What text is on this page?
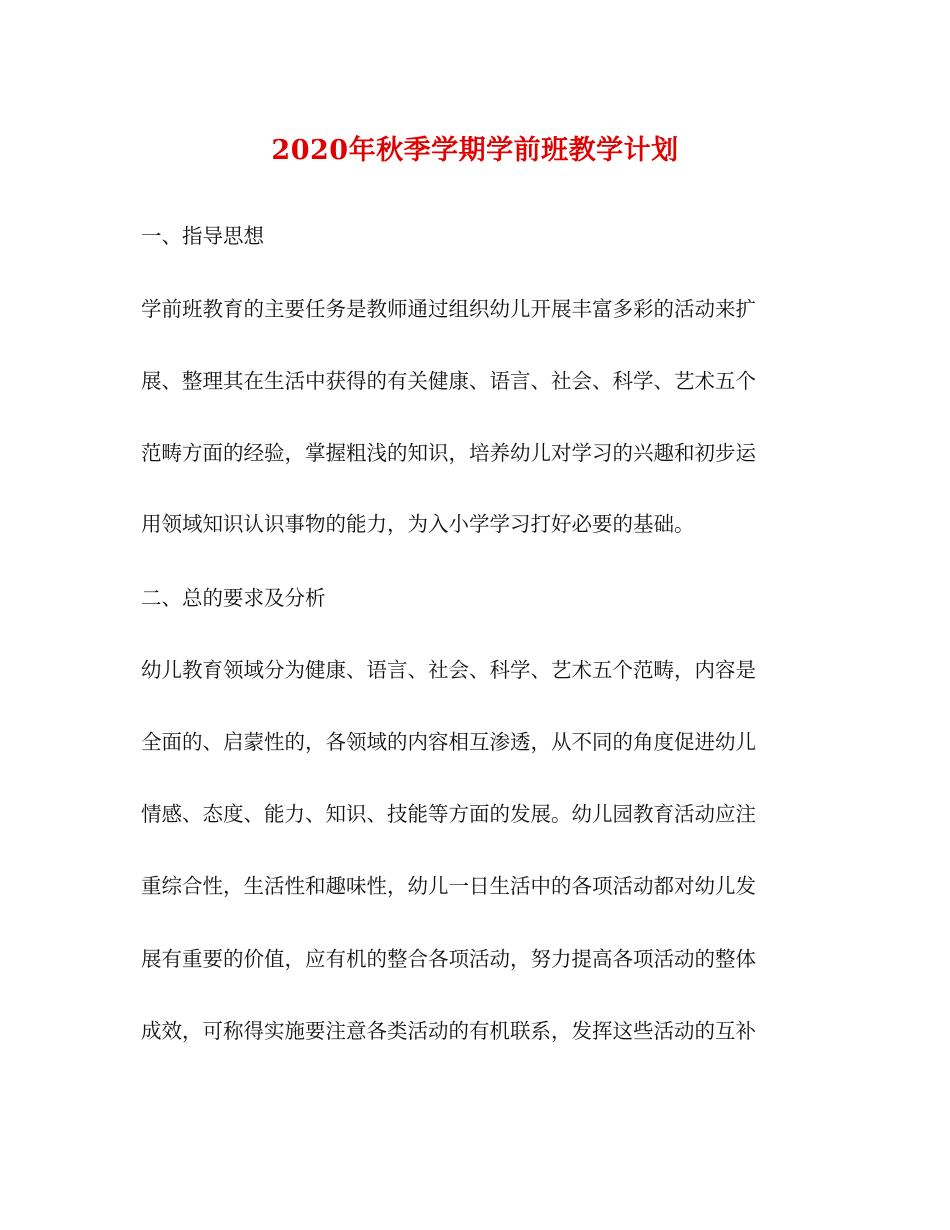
2020年秋季学期学前班教学计划
一、指导思想
学前班教育的主要任务是教师通过组织幼儿开展丰富多彩的活动来扩
展、整理其在生活中获得的有关健康、语言、社会、科学、艺术五个
范畴方面的经验，掌握粗浅的知识，培养幼儿对学习的兴趣和初步运
用领域知识认识事物的能力，为入小学学习打好必要的基础。
二、总的要求及分析
幼儿教育领域分为健康、语言、社会、科学、艺术五个范畴，内容是
全面的、启蒙性的，各领域的内容相互渗透，从不同的角度促进幼儿
情感、态度、能力、知识、技能等方面的发展。幼儿园教育活动应注
重综合性，生活性和趣味性，幼儿一日生活中的各项活动都对幼儿发
展有重要的价值，应有机的整合各项活动，努力提高各项活动的整体
成效，可称得实施要注意各类活动的有机联系，发挥这些活动的互补
